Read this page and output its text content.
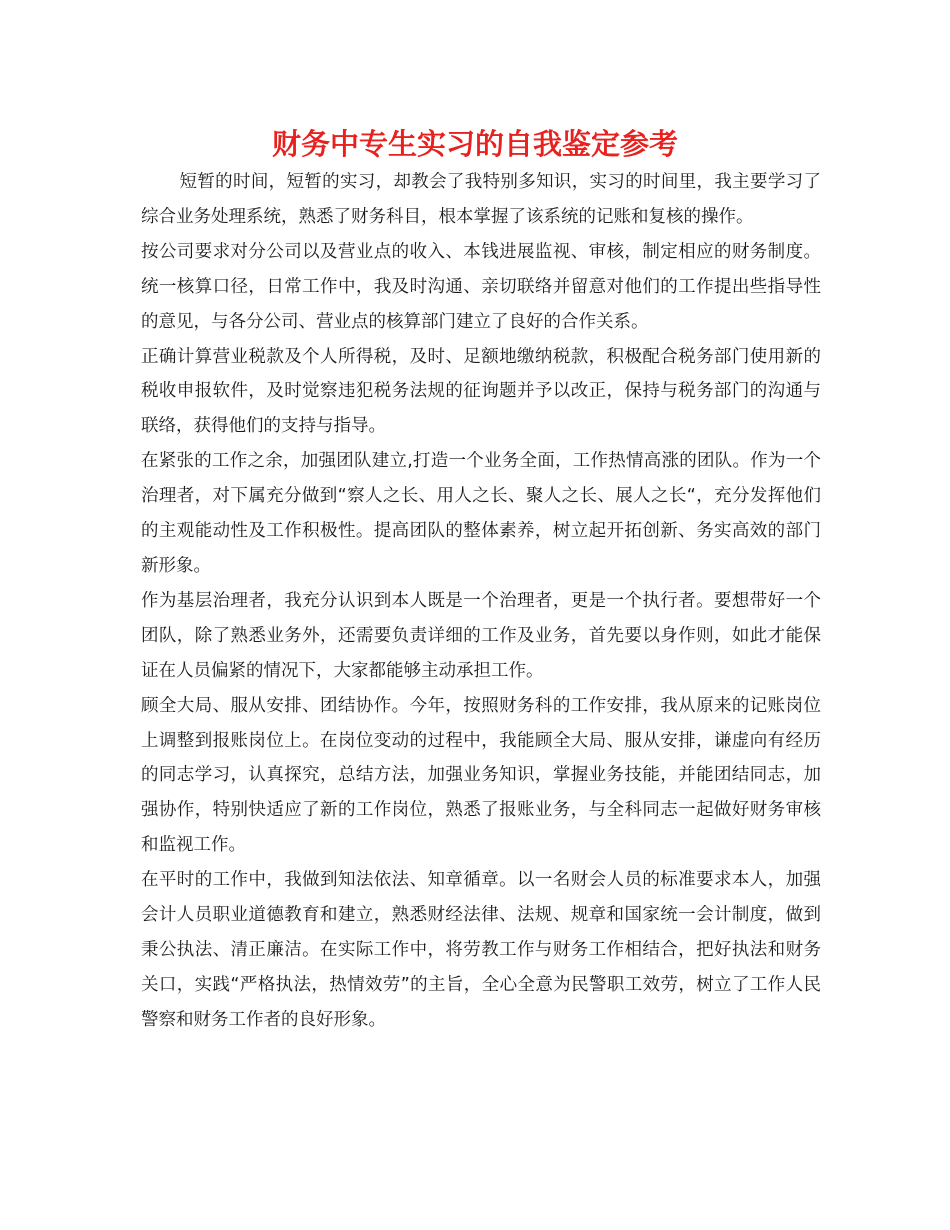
财务中专生实习的自我鉴定参考

短暂的时间，短暂的实习，却教会了我特别多知识，实习的时间里，我主要学习了综合业务处理系统，熟悉了财务科目，根本掌握了该系统的记账和复核的操作。

按公司要求对分公司以及营业点的收入、本钱进展监视、审核，制定相应的财务制度。统一核算口径，日常工作中，我及时沟通、亲切联络并留意对他们的工作提出些指导性的意见，与各分公司、营业点的核算部门建立了良好的合作关系。

正确计算营业税款及个人所得税，及时、足额地缴纳税款，积极配合税务部门使用新的税收申报软件，及时觉察违犯税务法规的征询题并予以改正，保持与税务部门的沟通与联络，获得他们的支持与指导。

在紧张的工作之余，加强团队建立,打造一个业务全面，工作热情高涨的团队。作为一个治理者，对下属充分做到“察人之长、用人之长、聚人之长、展人之长“，充分发挥他们的主观能动性及工作积极性。提高团队的整体素养，树立起开拓创新、务实高效的部门新形象。

作为基层治理者，我充分认识到本人既是一个治理者，更是一个执行者。要想带好一个团队，除了熟悉业务外，还需要负责详细的工作及业务，首先要以身作则，如此才能保证在人员偏紧的情况下，大家都能够主动承担工作。

顾全大局、服从安排、团结协作。今年，按照财务科的工作安排，我从原来的记账岗位上调整到报账岗位上。在岗位变动的过程中，我能顾全大局、服从安排，谦虚向有经历的同志学习，认真探究，总结方法，加强业务知识，掌握业务技能，并能团结同志，加强协作，特别快适应了新的工作岗位，熟悉了报账业务，与全科同志一起做好财务审核和监视工作。

在平时的工作中，我做到知法依法、知章循章。以一名财会人员的标准要求本人，加强会计人员职业道德教育和建立，熟悉财经法律、法规、规章和国家统一会计制度，做到秉公执法、清正廉洁。在实际工作中，将劳教工作与财务工作相结合，把好执法和财务关口，实践“严格执法，热情效劳”的主旨，全心全意为民警职工效劳，树立了工作人民警察和财务工作者的良好形象。
